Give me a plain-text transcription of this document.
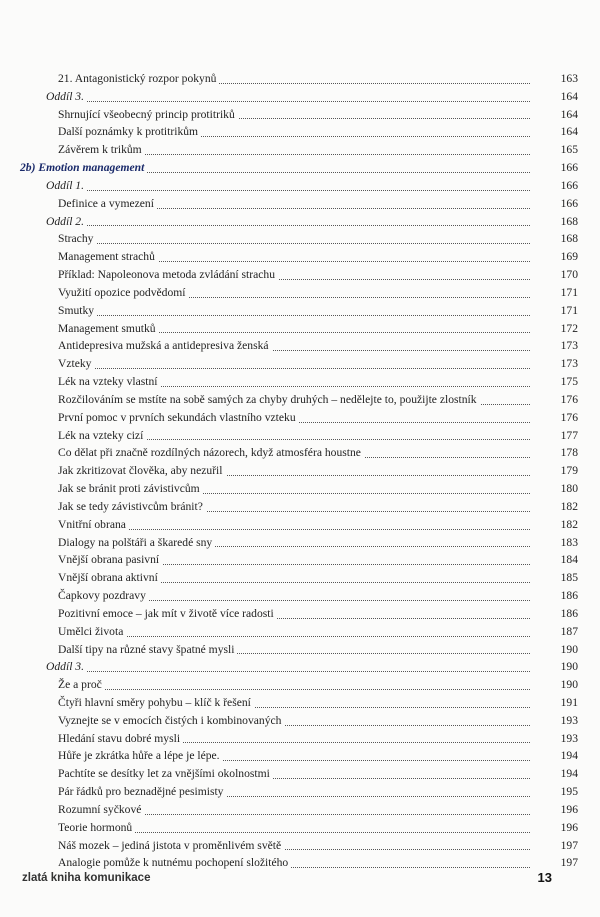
21. Antagonistický rozpor pokynů	163
Oddíl 3.	164
Shrnující všeobecný princip protitriků	164
Další poznámky k protitrikům	164
Závěrem k trikům	165
2b) Emotion management	166
Oddíl 1.	166
Definice a vymezení	166
Oddíl 2.	168
Strachy	168
Management strachů	169
Příklad: Napoleonova metoda zvládání strachu	170
Využití opozice podvědomí	171
Smutky	171
Management smutků	172
Antidepresiva mužská a antidepresiva ženská	173
Vzteky	173
Lék na vzteky vlastní	175
Rozčilováním se mstíte na sobě samých za chyby druhých – nedělejte to, použijte zlostník	176
První pomoc v prvních sekundách vlastního vzteku	176
Lék na vzteky cizí	177
Co dělat při značně rozdílných názorech, když atmosféra houstne	178
Jak zkritizovat člověka, aby nezuřil	179
Jak se bránit proti závistivcům	180
Jak se tedy závistivcům bránit?	182
Vnitřní obrana	182
Dialogy na polštáři a škaredé sny	183
Vnější obrana pasivní	184
Vnější obrana aktivní	185
Čapkovy pozdravy	186
Pozitivní emoce – jak mít v životě více radosti	186
Umělci života	187
Další tipy na různé stavy špatné mysli	190
Oddíl 3.	190
Že a proč	190
Čtyři hlavní směry pohybu – klíč k řešení	191
Vyznejte se v emocích čistých i kombinovaných	193
Hledání stavu dobré mysli	193
Hůře je zkrátka hůře a lépe je lépe.	194
Pachtíte se desítky let za vnějšími okolnostmi	194
Pár řádků pro beznadějné pesimisty	195
Rozumní syčkové	196
Teorie hormonů	196
Náš mozek – jediná jistota v proměnlivém světě	197
Analogie pomůže k nutnému pochopení složitého	197
zlatá kniha komunikace	13
